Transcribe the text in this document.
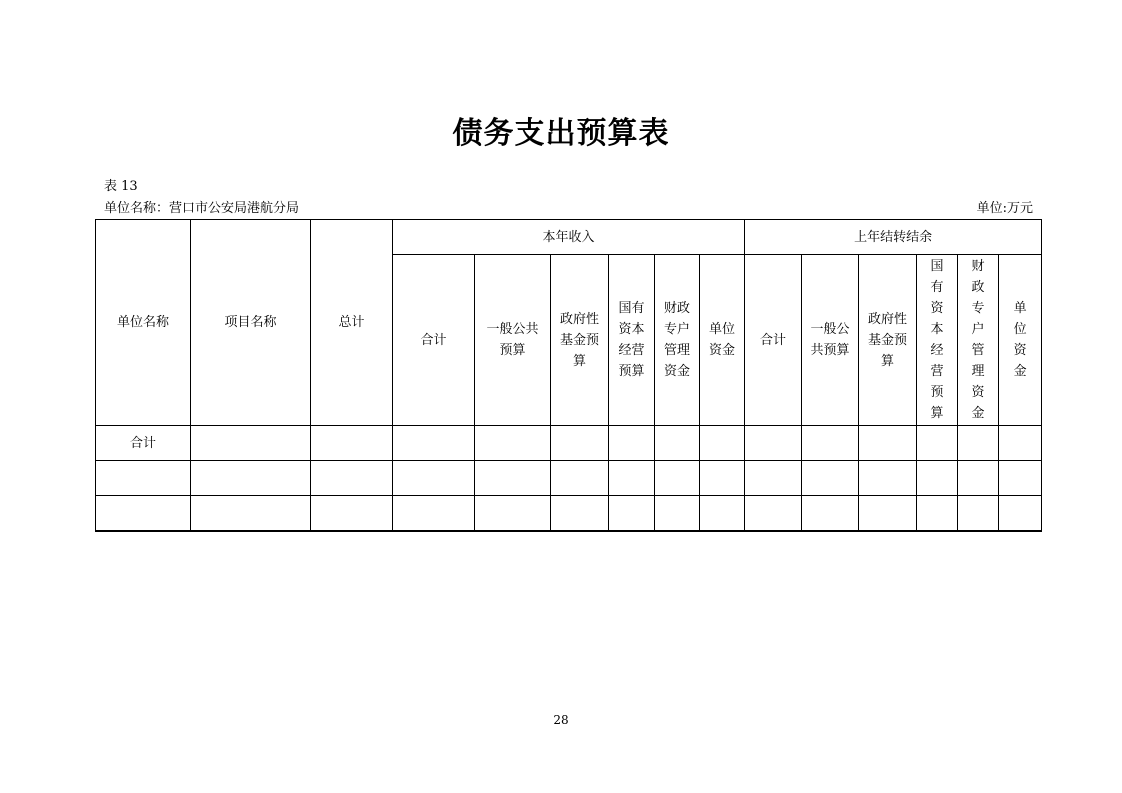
债务支出预算表
表 13
单位名称：营口市公安局港航分局	单位:万元
单位名称	项目名称	总计	本年收入						上年结转结余					
			合计	一般公共预算	政府性基金预算	国有资本经营预算	财政专户管理资金	单位资金	合计	一般公共预算	政府性基金预算	国有资本经营预算	财政专户管理资金	单位资金
合计														

28
